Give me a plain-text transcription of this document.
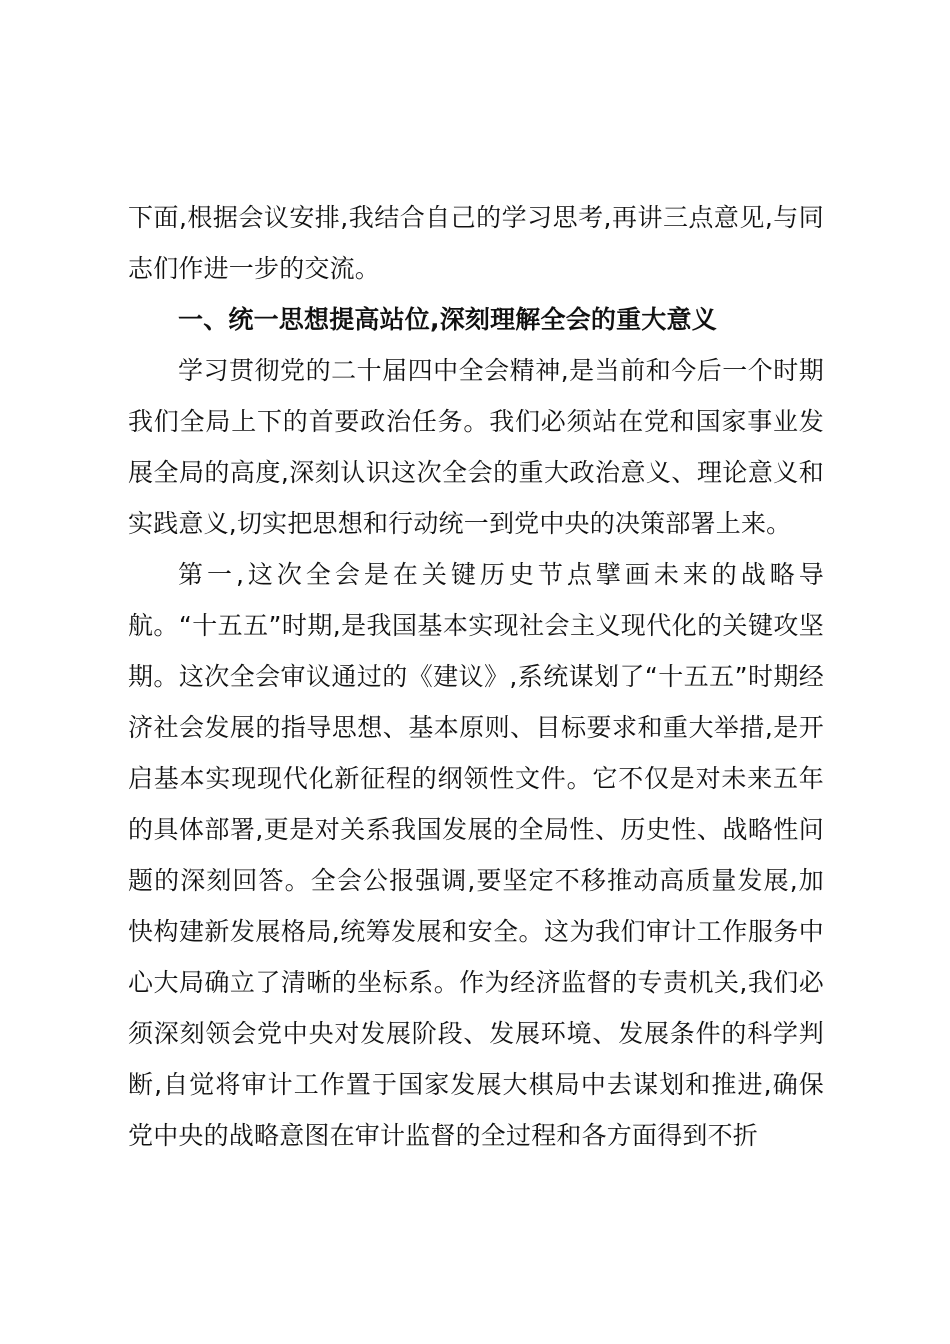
下面,根据会议安排,我结合自己的学习思考,再讲三点意见,与同志们作进一步的交流。

一、统一思想提高站位,深刻理解全会的重大意义

学习贯彻党的二十届四中全会精神,是当前和今后一个时期我们全局上下的首要政治任务。我们必须站在党和国家事业发展全局的高度,深刻认识这次全会的重大政治意义、理论意义和实践意义,切实把思想和行动统一到党中央的决策部署上来。

第一,这次全会是在关键历史节点擘画未来的战略导航。“十五五”时期,是我国基本实现社会主义现代化的关键攻坚期。这次全会审议通过的《建议》,系统谋划了“十五五”时期经济社会发展的指导思想、基本原则、目标要求和重大举措,是开启基本实现现代化新征程的纲领性文件。它不仅是对未来五年的具体部署,更是对关系我国发展的全局性、历史性、战略性问题的深刻回答。全会公报强调,要坚定不移推动高质量发展,加快构建新发展格局,统筹发展和安全。这为我们审计工作服务中心大局确立了清晰的坐标系。作为经济监督的专责机关,我们必须深刻领会党中央对发展阶段、发展环境、发展条件的科学判断,自觉将审计工作置于国家发展大棋局中去谋划和推进,确保党中央的战略意图在审计监督的全过程和各方面得到不折
